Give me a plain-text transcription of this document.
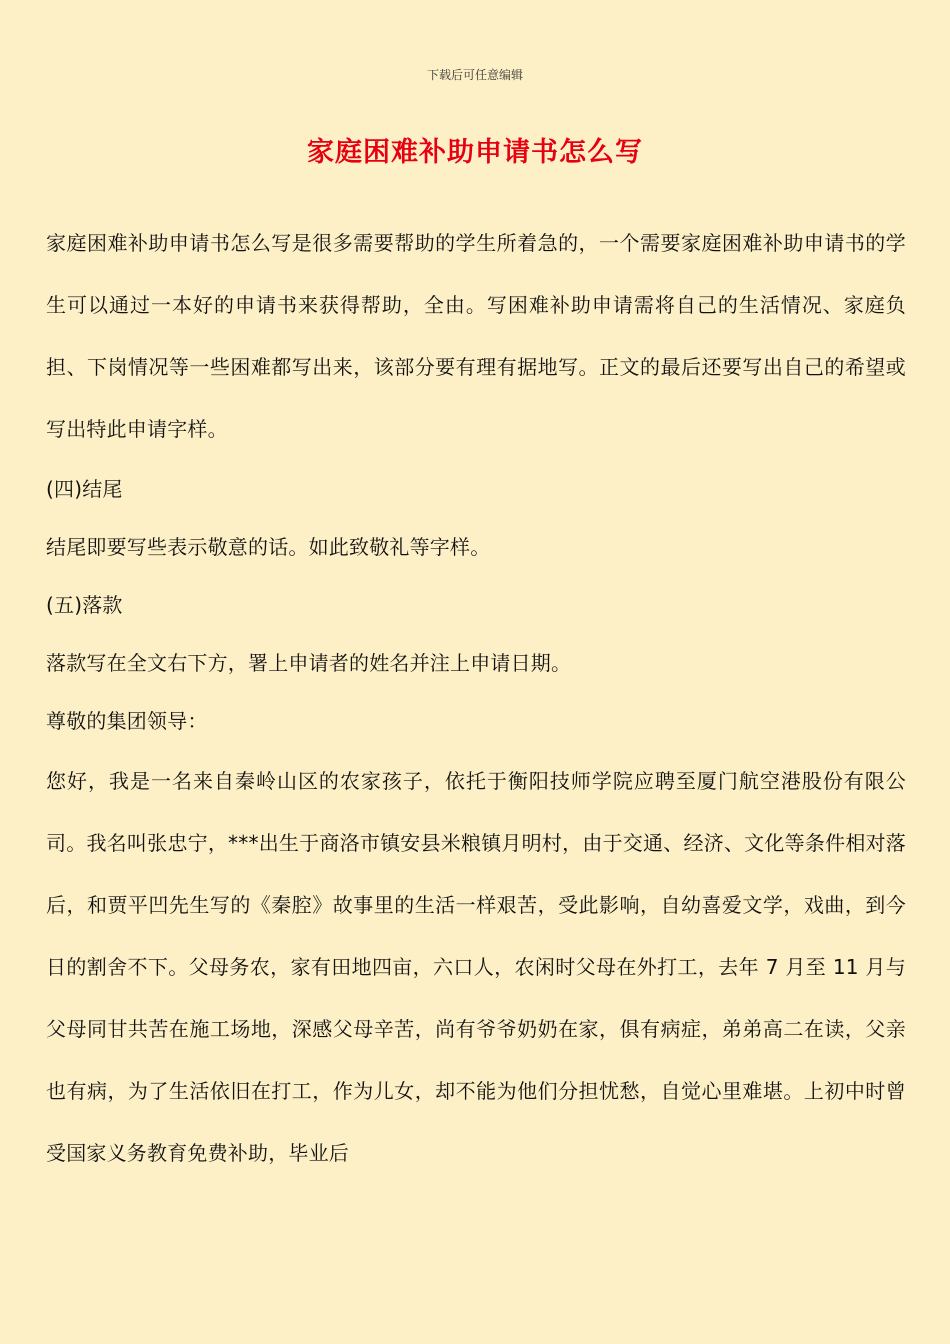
下载后可任意编辑
家庭困难补助申请书怎么写

家庭困难补助申请书怎么写是很多需要帮助的学生所着急的，一个需要家庭困难补助申请书的学生可以通过一本好的申请书来获得帮助，全由。写困难补助申请需将自己的生活情况、家庭负担、下岗情况等一些困难都写出来，该部分要有理有据地写。正文的最后还要写出自己的希望或写出特此申请字样。

(四)结尾

结尾即要写些表示敬意的话。如此致敬礼等字样。

(五)落款

落款写在全文右下方，署上申请者的姓名并注上申请日期。

尊敬的集团领导：

您好，我是一名来自秦岭山区的农家孩子，依托于衡阳技师学院应聘至厦门航空港股份有限公司。我名叫张忠宁，***出生于商洛市镇安县米粮镇月明村，由于交通、经济、文化等条件相对落后，和贾平凹先生写的《秦腔》故事里的生活一样艰苦，受此影响，自幼喜爱文学，戏曲，到今日的割舍不下。父母务农，家有田地四亩，六口人，农闲时父母在外打工，去年 7 月至 11 月与父母同甘共苦在施工场地，深感父母辛苦，尚有爷爷奶奶在家，俱有病症，弟弟高二在读，父亲也有病，为了生活依旧在打工，作为儿女，却不能为他们分担忧愁，自觉心里难堪。上初中时曾受国家义务教育免费补助，毕业后
